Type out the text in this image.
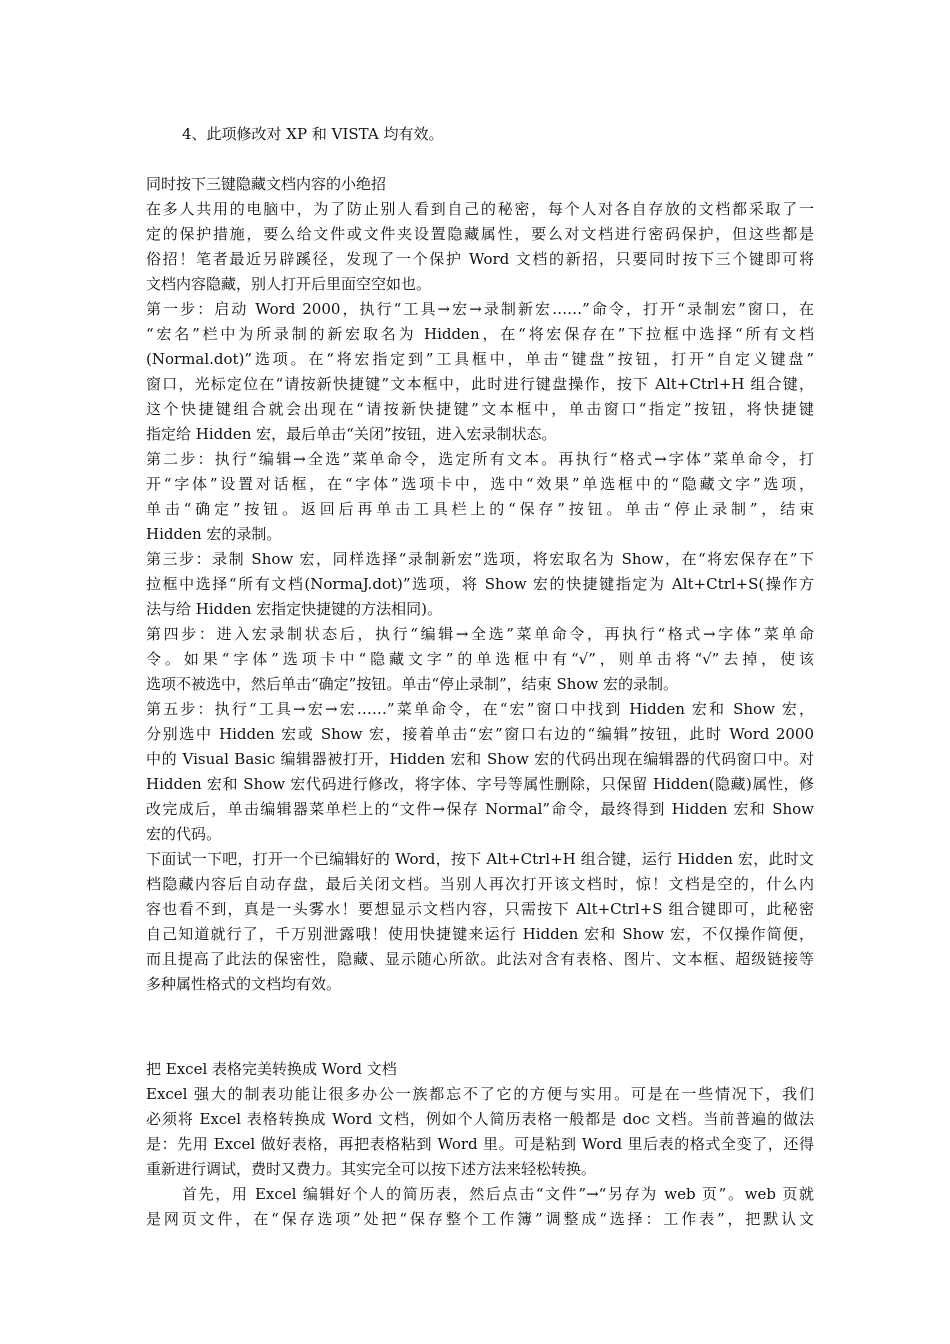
4、此项修改对 XP 和 VISTA 均有效。
同时按下三键隐藏文档内容的小绝招
在多人共用的电脑中，为了防止别人看到自己的秘密，每个人对各自存放的文档都采取了一
定的保护措施，要么给文件或文件夹设置隐藏属性，要么对文档进行密码保护，但这些都是
俗招！笔者最近另辟蹊径，发现了一个保护 Word 文档的新招，只要同时按下三个键即可将
文档内容隐藏，别人打开后里面空空如也。
第一步：启动 Word 2000，执行“工具→宏→录制新宏……”命令，打开“录制宏”窗口，在
“宏名”栏中为所录制的新宏取名为 Hidden，在“将宏保存在”下拉框中选择“所有文档
(Normal.dot)”选项。在“将宏指定到”工具框中，单击“键盘”按钮，打开“自定义键盘”
窗口，光标定位在“请按新快捷键”文本框中，此时进行键盘操作，按下 Alt+Ctrl+H 组合键，
这个快捷键组合就会出现在“请按新快捷键”文本框中，单击窗口“指定”按钮，将快捷键
指定给 Hidden 宏，最后单击“关闭”按钮，进入宏录制状态。
第二步：执行“编辑→全选”菜单命令，选定所有文本。再执行“格式→字体”菜单命令，打
开“字体”设置对话框，在“字体”选项卡中，选中“效果”单选框中的“隐藏文字”选项，
单击“确定”按钮。返回后再单击工具栏上的“保存”按钮。单击“停止录制”，结束
Hidden 宏的录制。
第三步：录制 Show 宏，同样选择“录制新宏”选项，将宏取名为 Show，在“将宏保存在”下
拉框中选择“所有文档(NormaJ.dot)”选项，将 Show 宏的快捷键指定为 Alt+Ctrl+S(操作方
法与给 Hidden 宏指定快捷键的方法相同)。
第四步：进入宏录制状态后，执行“编辑→全选”菜单命令，再执行“格式→字体”菜单命
令。如果“字体”选项卡中“隐藏文字”的单选框中有“√”，则单击将“√”去掉，使该
选项不被选中，然后单击“确定”按钮。单击“停止录制”，结束 Show 宏的录制。
第五步：执行“工具→宏→宏……”菜单命令，在“宏”窗口中找到 Hidden 宏和 Show 宏，
分别选中 Hidden 宏或 Show 宏，接着单击“宏”窗口右边的“编辑”按钮，此时 Word 2000
中的 Visual Basic 编辑器被打开，Hidden 宏和 Show 宏的代码出现在编辑器的代码窗口中。对
Hidden 宏和 Show 宏代码进行修改，将字体、字号等属性删除，只保留 Hidden(隐藏)属性，修
改完成后，单击编辑器菜单栏上的“文件→保存 Normal”命令，最终得到 Hidden 宏和 Show
宏的代码。
下面试一下吧，打开一个已编辑好的 Word，按下 Alt+Ctrl+H 组合键，运行 Hidden 宏，此时文
档隐藏内容后自动存盘，最后关闭文档。当别人再次打开该文档时，惊！文档是空的，什么内
容也看不到，真是一头雾水！要想显示文档内容，只需按下 Alt+Ctrl+S 组合键即可，此秘密
自己知道就行了，千万别泄露哦！使用快捷键来运行 Hidden 宏和 Show 宏，不仅操作简便，
而且提高了此法的保密性，隐藏、显示随心所欲。此法对含有表格、图片、文本框、超级链接等
多种属性格式的文档均有效。
把 Excel 表格完美转换成 Word 文档
Excel 强大的制表功能让很多办公一族都忘不了它的方便与实用。可是在一些情况下，我们
必须将 Excel 表格转换成 Word 文档，例如个人简历表格一般都是 doc 文档。当前普遍的做法
是：先用 Excel 做好表格，再把表格粘到 Word 里。可是粘到 Word 里后表的格式全变了，还得
重新进行调试，费时又费力。其实完全可以按下述方法来轻松转换。
首先，用 Excel 编辑好个人的简历表，然后点击“文件”→“另存为 web 页”。web 页就
是网页文件，在“保存选项”处把“保存整个工作簿”调整成“选择：工作表”，把默认文
